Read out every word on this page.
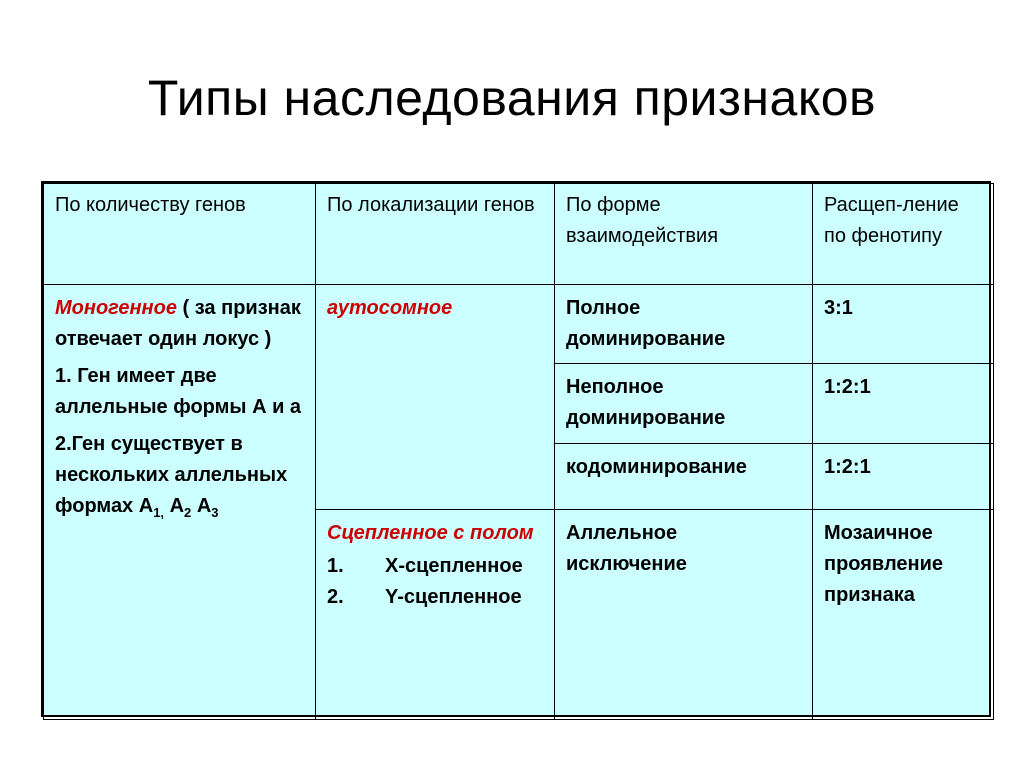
Типы наследования признаков
По количеству генов	По локализации генов	По форме взаимодействия	Расщеп-ление по фенотипу

Моногенное ( за признак отвечает один локус )
1. Ген имеет две аллельные формы А и а
2.Ген существует в нескольких аллельных формах $А_{1,}$ $А_2$ $А_3$	аутосомное	Полное доминирование	3:1
		Неполное доминирование	1:2:1
		кодоминирование	1:2:1

	Сцепленное с полом
1. Х-сцепленное
2. Y-сцепленное	Аллельное исключение	Мозаичное проявление признака
